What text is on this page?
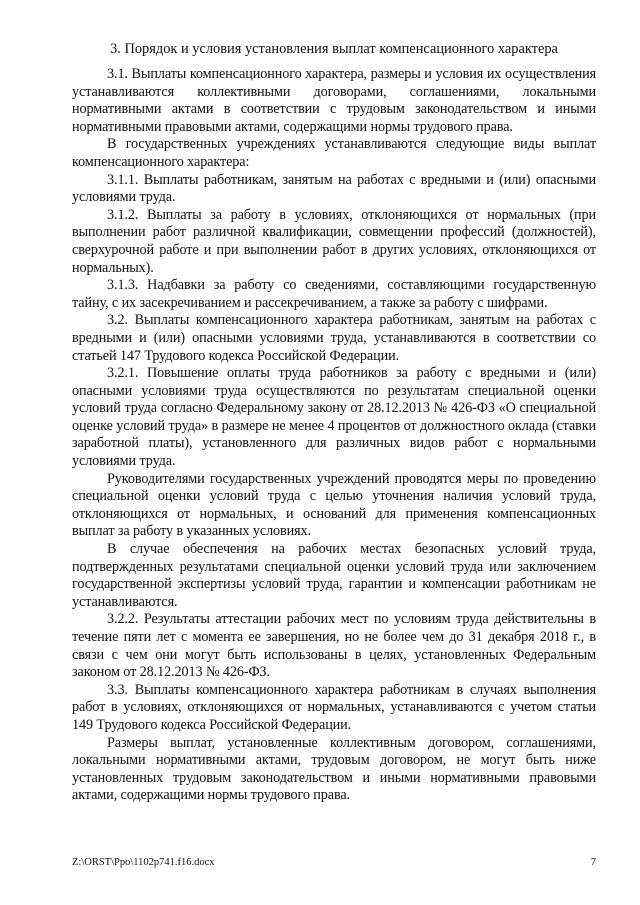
3. Порядок и условия установления выплат компенсационного характера

3.1. Выплаты компенсационного характера, размеры и условия их осуществления устанавливаются коллективными договорами, соглашениями, локальными нормативными актами в соответствии с трудовым законодательством и иными нормативными правовыми актами, содержащими нормы трудового права.

В государственных учреждениях устанавливаются следующие виды выплат компенсационного характера:

3.1.1. Выплаты работникам, занятым на работах с вредными и (или) опасными условиями труда.

3.1.2. Выплаты за работу в условиях, отклоняющихся от нормальных (при выполнении работ различной квалификации, совмещении профессий (должностей), сверхурочной работе и при выполнении работ в других условиях, отклоняющихся от нормальных).

3.1.3. Надбавки за работу со сведениями, составляющими государственную тайну, с их засекречиванием и рассекречиванием, а также за работу с шифрами.

3.2. Выплаты компенсационного характера работникам, занятым на работах с вредными и (или) опасными условиями труда, устанавливаются в соответствии со статьей 147 Трудового кодекса Российской Федерации.

3.2.1. Повышение оплаты труда работников за работу с вредными и (или) опасными условиями труда осуществляются по результатам специальной оценки условий труда согласно Федеральному закону от 28.12.2013 № 426-ФЗ «О специальной оценке условий труда» в размере не менее 4 процентов от должностного оклада (ставки заработной платы), установленного для различных видов работ с нормальными условиями труда.

Руководителями государственных учреждений проводятся меры по проведению специальной оценки условий труда с целью уточнения наличия условий труда, отклоняющихся от нормальных, и оснований для применения компенсационных выплат за работу в указанных условиях.

В случае обеспечения на рабочих местах безопасных условий труда, подтвержденных результатами специальной оценки условий труда или заключением государственной экспертизы условий труда, гарантии и компенсации работникам не устанавливаются.

3.2.2. Результаты аттестации рабочих мест по условиям труда действительны в течение пяти лет с момента ее завершения, но не более чем до 31 декабря 2018 г., в связи с чем они могут быть использованы в целях, установленных Федеральным законом от 28.12.2013 № 426-ФЗ.

3.3. Выплаты компенсационного характера работникам в случаях выполнения работ в условиях, отклоняющихся от нормальных, устанавливаются с учетом статьи 149 Трудового кодекса Российской Федерации.

Размеры выплат, установленные коллективным договором, соглашениями, локальными нормативными актами, трудовым договором, не могут быть ниже установленных трудовым законодательством и иными нормативными правовыми актами, содержащими нормы трудового права.

Z:\ORST\Ppo\1102p741.f16.docx	7
